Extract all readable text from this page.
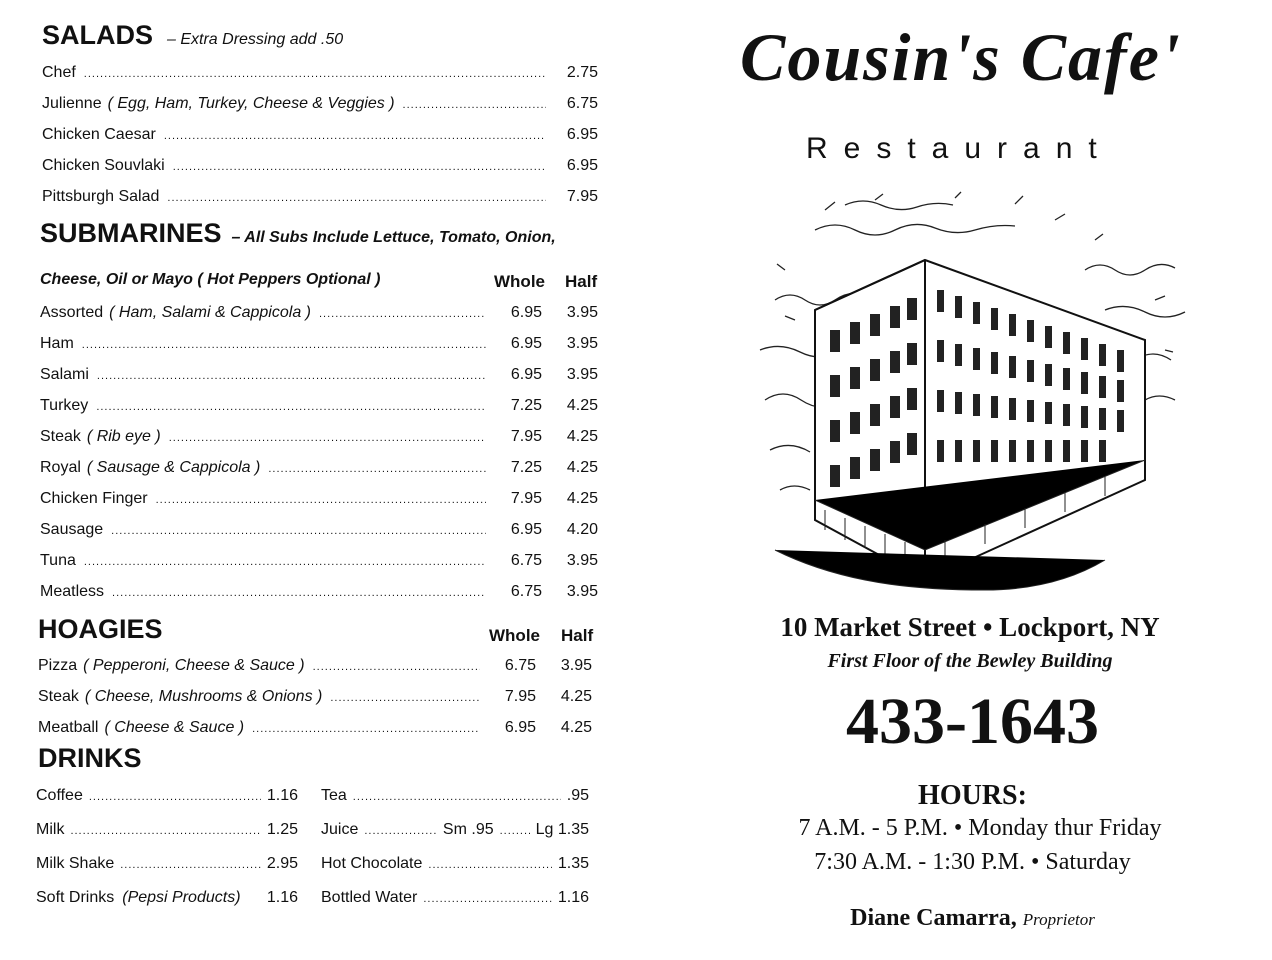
SALADS – Extra Dressing add .50
Chef .....	2.75
Julienne ( Egg, Ham, Turkey, Cheese & Veggies ) .....	6.75
Chicken Caesar .....	6.95
Chicken Souvlaki .....	6.95
Pittsburgh Salad .....	7.95
SUBMARINES – All Subs Include Lettuce, Tomato, Onion,
Cheese, Oil or Mayo ( Hot Peppers Optional )	Whole Half
Assorted ( Ham, Salami & Cappicola ) .....	6.95	3.95
Ham .....	6.95	3.95
Salami .....	6.95	3.95
Turkey .....	7.25	4.25
Steak ( Rib eye ) .....	7.95	4.25
Royal ( Sausage & Cappicola ) .....	7.25	4.25
Chicken Finger .....	7.95	4.25
Sausage .....	6.95	4.20
Tuna .....	6.75	3.95
Meatless .....	6.75	3.95
HOAGIES	Whole Half
Pizza ( Pepperoni, Cheese & Sauce ) .....	6.75	3.95
Steak ( Cheese, Mushrooms & Onions ) .....	7.95	4.25
Meatball ( Cheese & Sauce ) .....	6.95	4.25
DRINKS
Coffee .....	1.16
Milk .....	1.25
Milk Shake .....	2.95
Soft Drinks (Pepsi Products) 1.16
Tea .....	.95
Juice .....	Sm .95 .....	Lg 1.35
Hot Chocolate .....	1.35
Bottled Water .....	1.16
Cousin's Cafe'
Restaurant
10 Market Street • Lockport, NY
First Floor of the Bewley Building
433-1643
HOURS:
7 A.M. - 5 P.M. • Monday thur Friday
7:30 A.M. - 1:30 P.M. • Saturday
Diane Camarra, Proprietor
